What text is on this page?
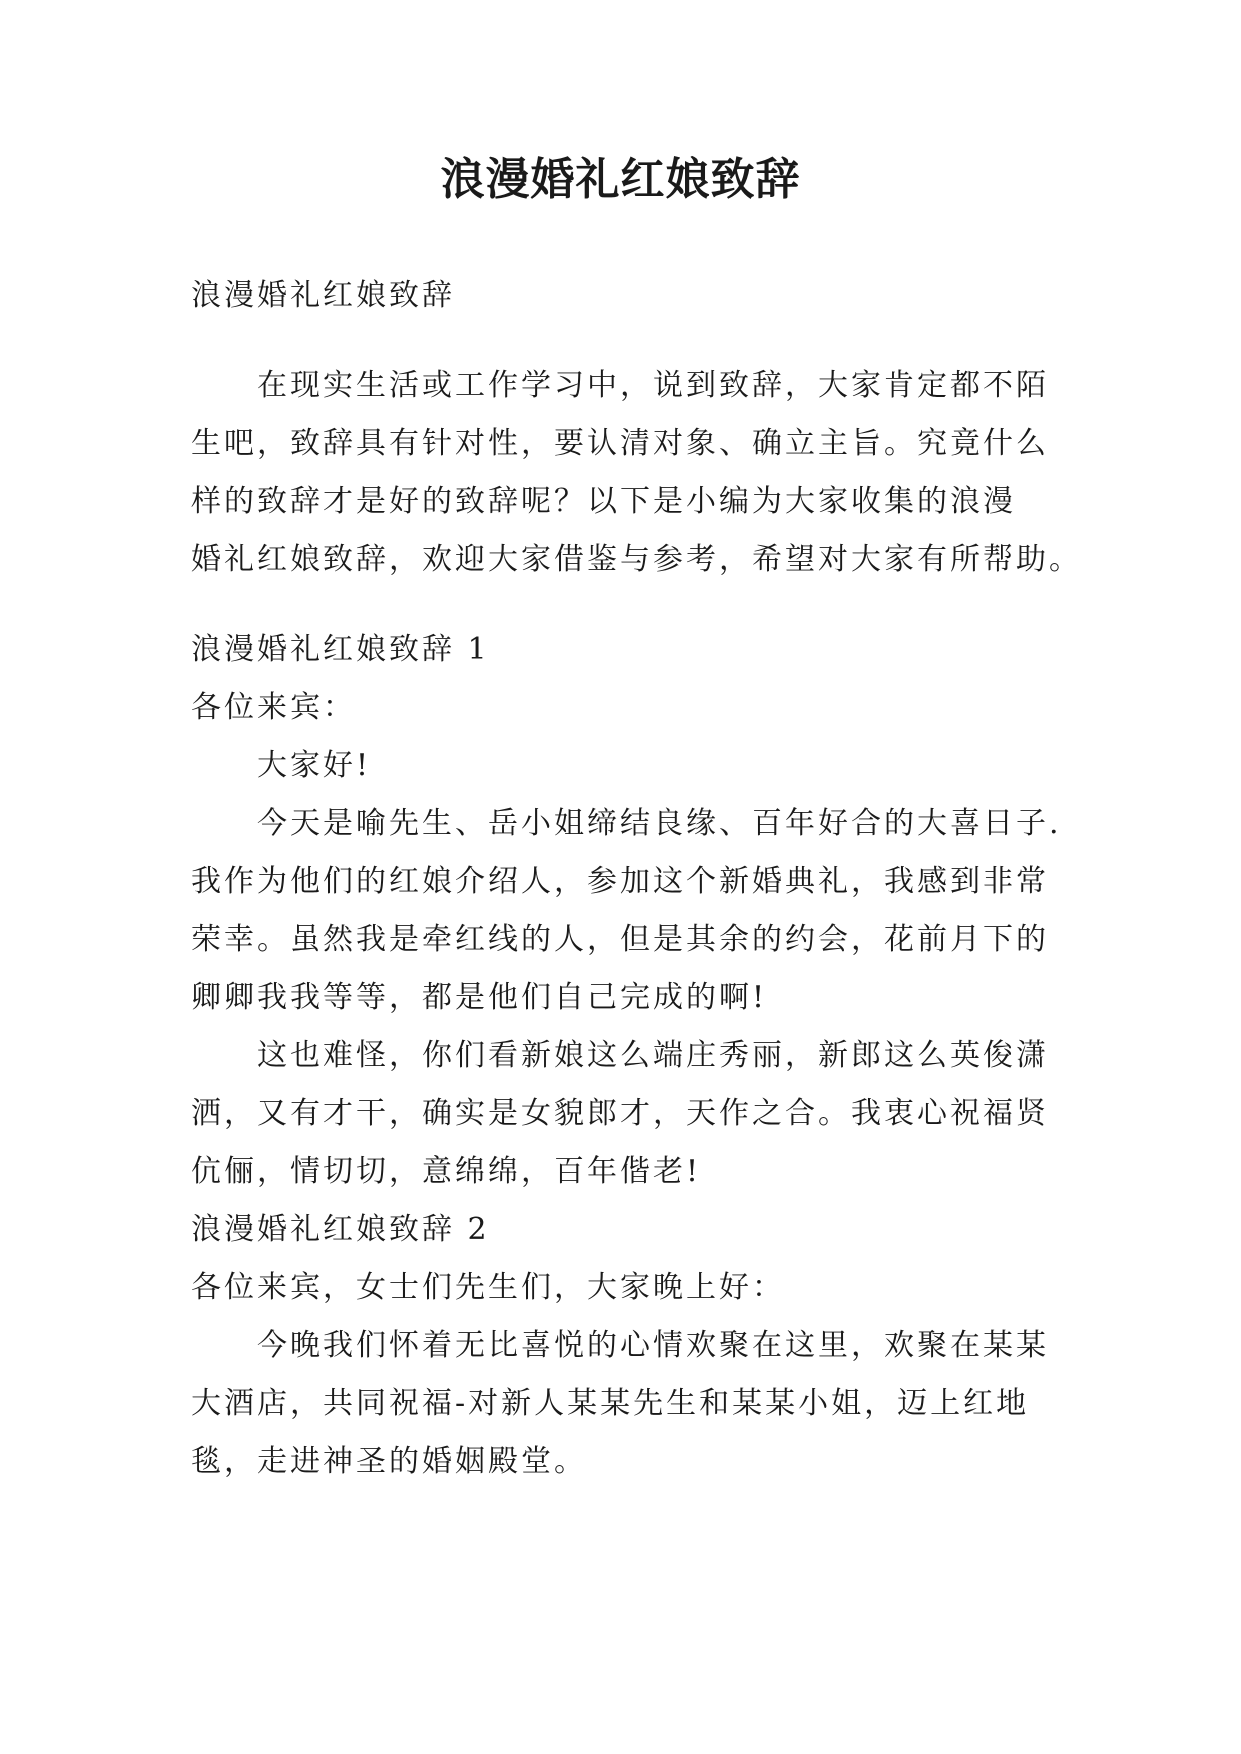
浪漫婚礼红娘致辞
浪漫婚礼红娘致辞
在现实生活或工作学习中，说到致辞，大家肯定都不陌
生吧，致辞具有针对性，要认清对象、确立主旨。究竟什么
样的致辞才是好的致辞呢？以下是小编为大家收集的浪漫
婚礼红娘致辞，欢迎大家借鉴与参考，希望对大家有所帮助。
浪漫婚礼红娘致辞 1
各位来宾：
大家好!
今天是喻先生、岳小姐缔结良缘、百年好合的大喜日子.
我作为他们的红娘介绍人，参加这个新婚典礼，我感到非常
荣幸。虽然我是牵红线的人，但是其余的约会，花前月下的
卿卿我我等等，都是他们自己完成的啊!
这也难怪，你们看新娘这么端庄秀丽，新郎这么英俊潇
洒，又有才干，确实是女貌郎才，天作之合。我衷心祝福贤
伉俪，情切切，意绵绵，百年偕老!
浪漫婚礼红娘致辞 2
各位来宾，女士们先生们，大家晚上好：
今晚我们怀着无比喜悦的心情欢聚在这里，欢聚在某某
大酒店，共同祝福-对新人某某先生和某某小姐，迈上红地
毯，走进神圣的婚姻殿堂。
